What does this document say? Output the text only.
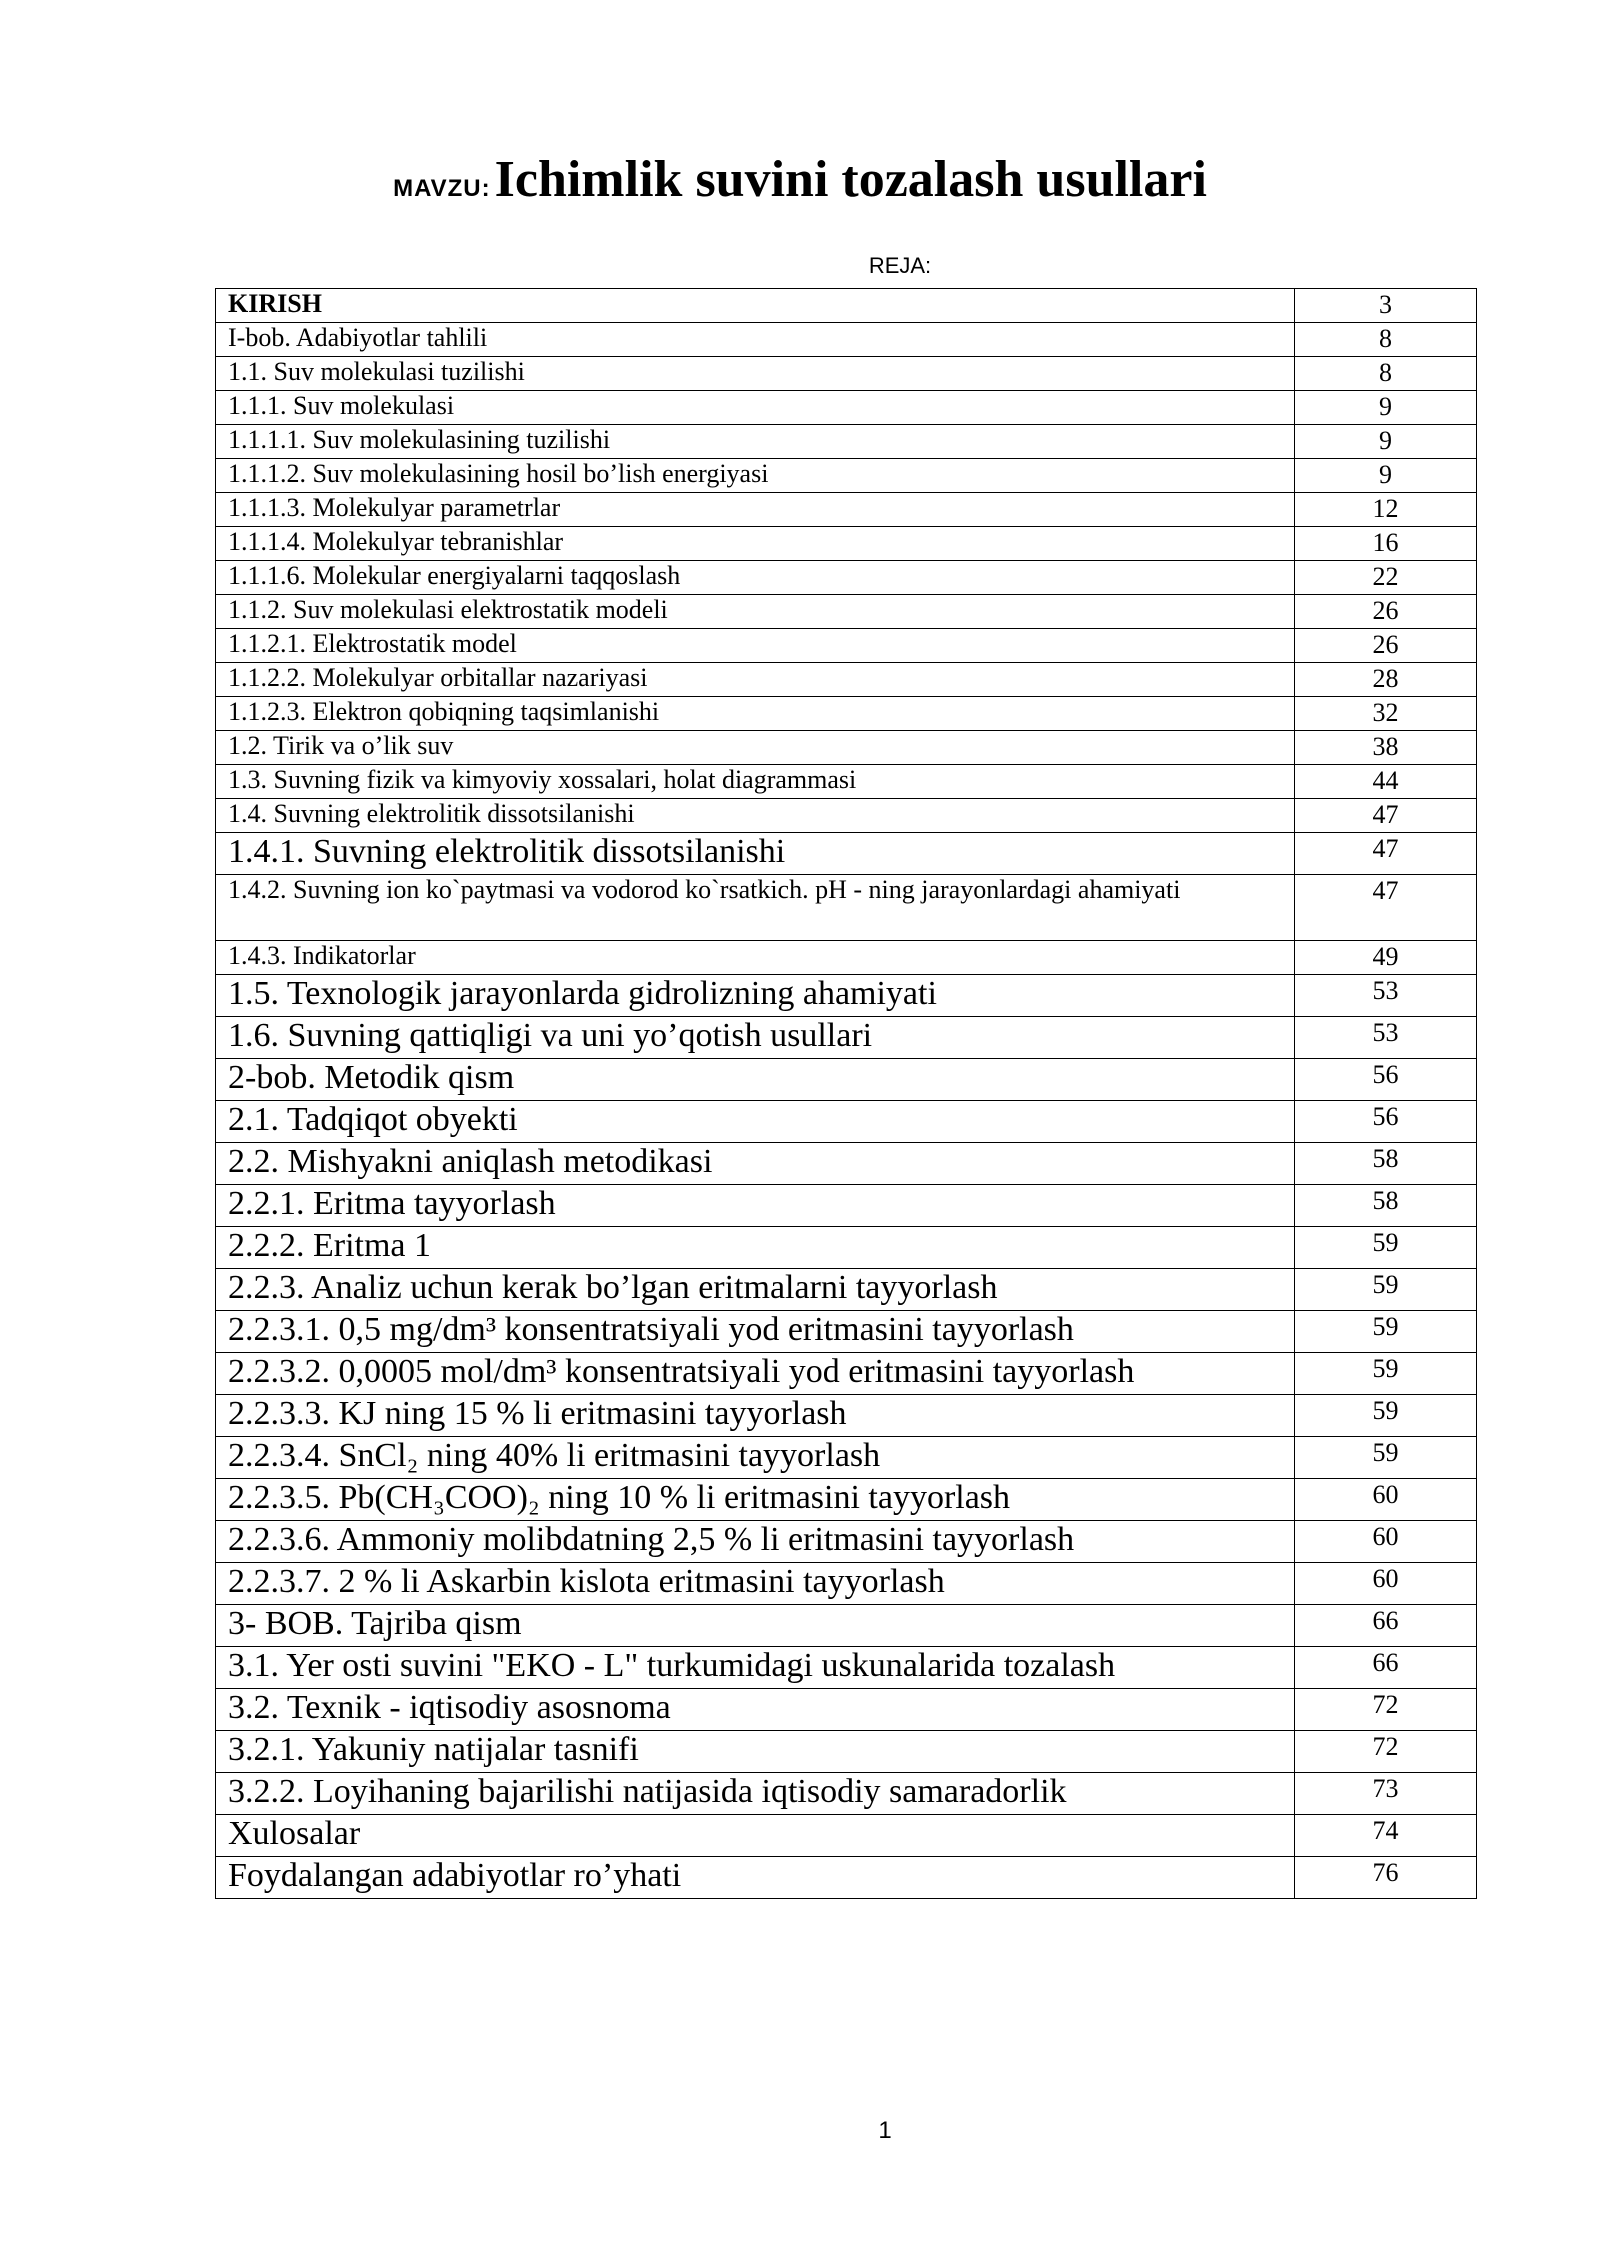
MAVZU: Ichimlik suvini tozalash usullari
REJA:
KIRISH	3
I-bob. Adabiyotlar tahlili	8
1.1. Suv molekulasi tuzilishi	8
1.1.1. Suv molekulasi	9
1.1.1.1. Suv molekulasining tuzilishi	9
1.1.1.2. Suv molekulasining hosil bo’lish energiyasi	9
1.1.1.3. Molekulyar parametrlar	12
1.1.1.4. Molekulyar tebranishlar	16
1.1.1.6. Molekular energiyalarni taqqoslash	22
1.1.2. Suv molekulasi elektrostatik modeli	26
1.1.2.1. Elektrostatik model	26
1.1.2.2. Molekulyar orbitallar nazariyasi	28
1.1.2.3. Elektron qobiqning taqsimlanishi	32
1.2. Tirik va o’lik suv	38
1.3. Suvning fizik va kimyoviy xossalari, holat diagrammasi	44
1.4. Suvning elektrolitik dissotsilanishi	47
1.4.1. Suvning elektrolitik dissotsilanishi	47
1.4.2. Suvning ion ko`paytmasi va vodorod ko`rsatkich. pH - ning jarayonlardagi ahamiyati	47
1.4.3. Indikatorlar	49
1.5. Texnologik jarayonlarda gidrolizning ahamiyati	53
1.6. Suvning qattiqligi va uni yo’qotish usullari	53
2-bob. Metodik qism	56
2.1. Tadqiqot obyekti	56
2.2. Mishyakni aniqlash metodikasi	58
2.2.1. Eritma tayyorlash	58
2.2.2. Eritma 1	59
2.2.3. Analiz uchun kerak bo’lgan eritmalarni tayyorlash	59
2.2.3.1. 0,5 mg/dm³ konsentratsiyali yod eritmasini tayyorlash	59
2.2.3.2. 0,0005 mol/dm³ konsentratsiyali yod eritmasini tayyorlash	59
2.2.3.3. KJ ning 15 % li eritmasini tayyorlash	59
2.2.3.4. SnCl₂ ning 40% li eritmasini tayyorlash	59
2.2.3.5. Pb(CH₃COO)₂ ning 10 % li eritmasini tayyorlash	60
2.2.3.6. Ammoniy molibdatning 2,5 % li eritmasini tayyorlash	60
2.2.3.7. 2 % li Askarbin kislota eritmasini tayyorlash	60
3- BOB. Tajriba qism	66
3.1. Yer osti suvini "EKO - L" turkumidagi uskunalarida tozalash	66
3.2. Texnik - iqtisodiy asosnoma	72
3.2.1. Yakuniy natijalar tasnifi	72
3.2.2. Loyihaning bajarilishi natijasida iqtisodiy samaradorlik	73
Xulosalar	74
Foydalangan adabiyotlar ro’yhati	76
1
